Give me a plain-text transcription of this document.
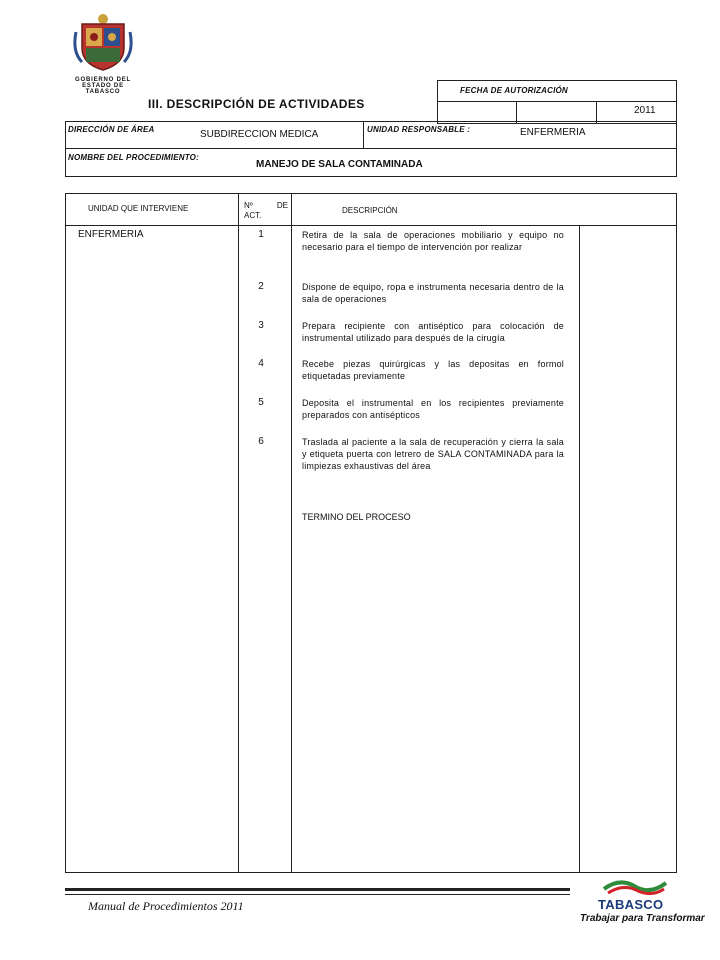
GOBIERNO DEL
ESTADO DE
TABASCO	FECHA DE AUTORIZACIÓN
2011
III. DESCRIPCIÓN DE ACTIVIDADES
DIRECCIÓN DE ÁREA	SUBDIRECCION MEDICA	UNIDAD RESPONSABLE :	ENFERMERIA
NOMBRE DEL PROCEDIMIENTO:
MANEJO DE SALA CONTAMINADA
UNIDAD QUE INTERVIENE	Nº	DE
ACT.
DESCRIPCIÓN
ENFERMERIA	1	Retira de la sala de operaciones mobiliario y equipo no necesario para el tiempo de intervención por realizar
2	Dispone de equipo, ropa e instrumenta necesaria dentro de la sala de operaciones
3	Prepara recipiente con antiséptico para colocación de instrumental utilizado para después de la cirugía
4	Recebe piezas quirúrgicas y las depositas en formol etiquetadas previamente
5	Deposita el instrumental en los recipientes previamente preparados con antisépticos
6	Traslada al paciente a la sala de recuperación y cierra la sala y etiqueta puerta con letrero de SALA CONTAMINADA para la limpiezas exhaustivas del área
TERMINO DEL PROCESO
Manual de Procedimientos 2011	TABASCO
Trabajar para Transformar
